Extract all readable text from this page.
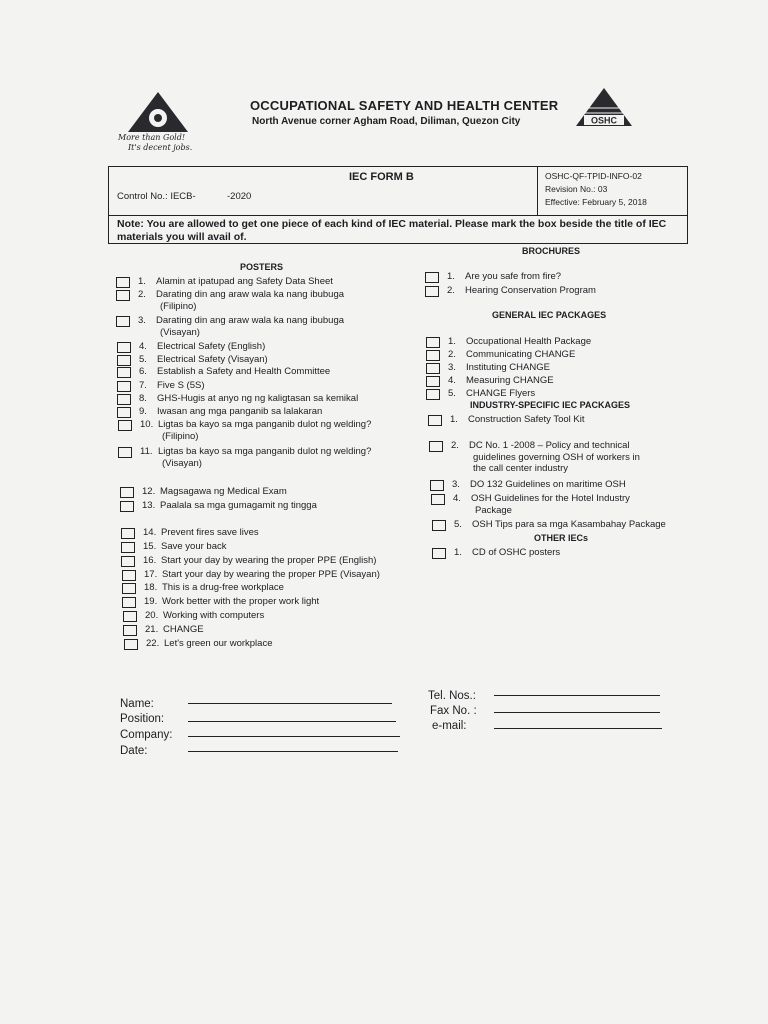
More than Gold!
It's decent jobs.
OCCUPATIONAL SAFETY AND HEALTH CENTER
North Avenue corner Agham Road, Diliman, Quezon City	OSHC
IEC FORM B
Control No.: IECB-	-2020
OSHC-QF-TPID-INFO-02
Revision No.: 03
Effective: February 5, 2018
Note: You are allowed to get one piece of each kind of IEC material. Please mark the box beside the title of IEC materials you will avail of.
POSTERS
BROCHURES
GENERAL IEC PACKAGES
INDUSTRY-SPECIFIC IEC PACKAGES
OTHER IECs
1. Alamin at ipatupad ang Safety Data Sheet
2. Darating din ang araw wala ka nang ibubuga
(Filipino)
3. Darating din ang araw wala ka nang ibubuga
(Visayan)
4. Electrical Safety (English)
5. Electrical Safety (Visayan)
6. Establish a Safety and Health Committee
7. Five S (5S)
8. GHS-Hugis at anyo ng ng kaligtasan sa kemikal
9. Iwasan ang mga panganib sa lalakaran
10. Ligtas ba kayo sa mga panganib dulot ng welding?
(Filipino)
11. Ligtas ba kayo sa mga panganib dulot ng welding?
(Visayan)
12. Magsagawa ng Medical Exam
13. Paalala sa mga gumagamit ng tingga
14. Prevent fires save lives
15. Save your back
16. Start your day by wearing the proper PPE (English)
17. Start your day by wearing the proper PPE (Visayan)
18. This is a drug-free workplace
19. Work better with the proper work light
20. Working with computers
21. CHANGE
22. Let's green our workplace
1. Are you safe from fire?
2. Hearing Conservation Program
1. Occupational Health Package
2. Communicating CHANGE
3. Instituting CHANGE
4. Measuring CHANGE
5. CHANGE Flyers
1. Construction Safety Tool Kit
2. DC No. 1 -2008 – Policy and technical
guidelines governing OSH of workers in
the call center industry
3. DO 132 Guidelines on maritime OSH
4. OSH Guidelines for the Hotel Industry
Package
5. OSH Tips para sa mga Kasambahay Package
1. CD of OSHC posters
Name:
Position:
Company:
Date:
Tel. Nos.:
Fax No. :
e-mail:
